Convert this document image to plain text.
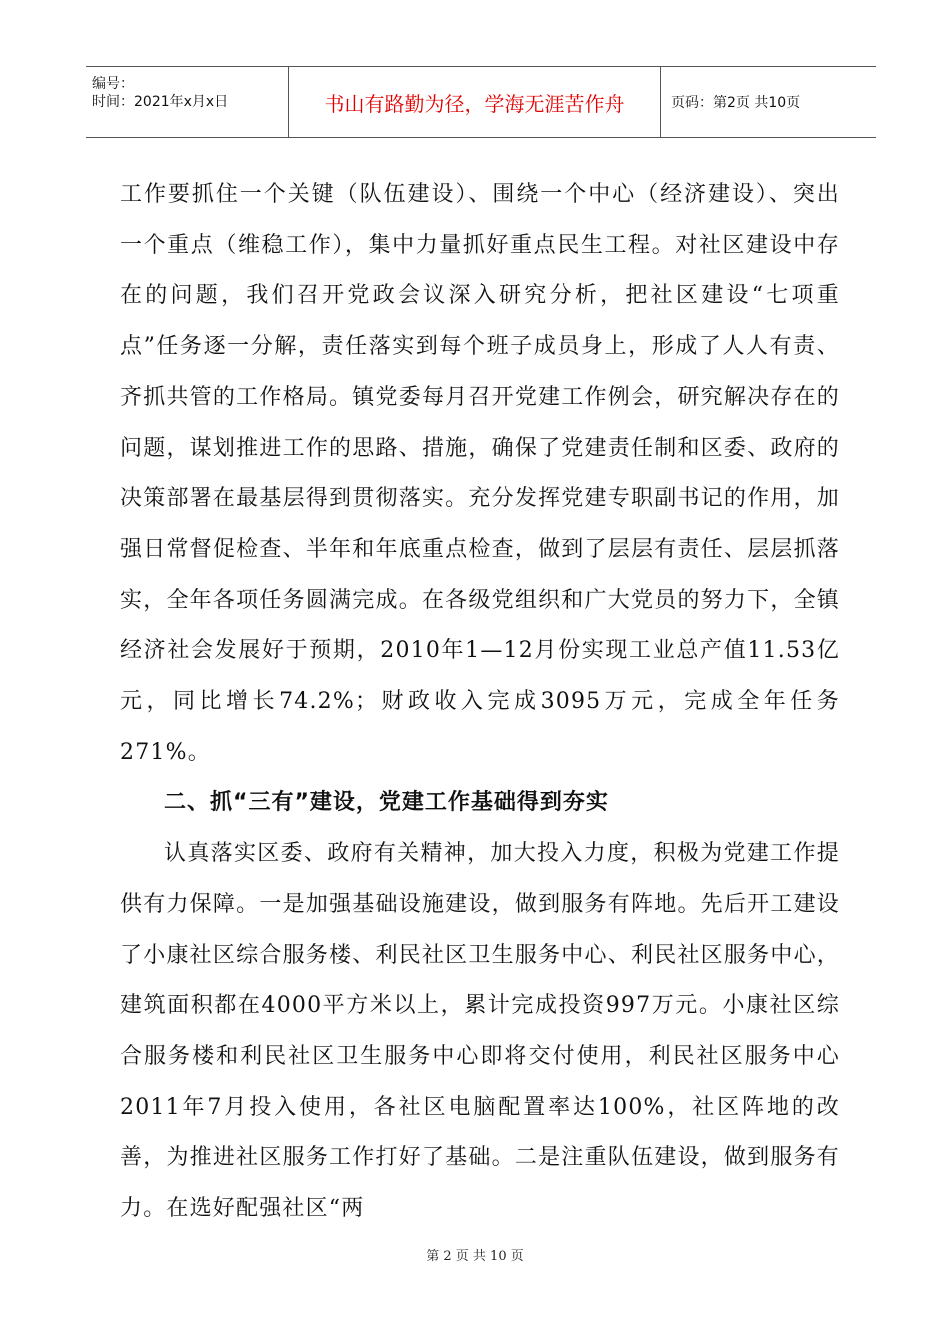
编号：
时间：2021年x月x日	书山有路勤为径，学海无涯苦作舟	页码：第2页 共10页

工作要抓住一个关键（队伍建设）、围绕一个中心（经济建设）、突出一个重点（维稳工作），集中力量抓好重点民生工程。对社区建设中存在的问题，我们召开党政会议深入研究分析，把社区建设“七项重点”任务逐一分解，责任落实到每个班子成员身上，形成了人人有责、齐抓共管的工作格局。镇党委每月召开党建工作例会，研究解决存在的问题，谋划推进工作的思路、措施，确保了党建责任制和区委、政府的决策部署在最基层得到贯彻落实。充分发挥党建专职副书记的作用，加强日常督促检查、半年和年底重点检查，做到了层层有责任、层层抓落实，全年各项任务圆满完成。在各级党组织和广大党员的努力下，全镇经济社会发展好于预期，2010年1—12月份实现工业总产值11.53亿元，同比增长74.2%；财政收入完成3095万元，完成全年任务271%。

二、抓“三有”建设，党建工作基础得到夯实

认真落实区委、政府有关精神，加大投入力度，积极为党建工作提供有力保障。一是加强基础设施建设，做到服务有阵地。先后开工建设了小康社区综合服务楼、利民社区卫生服务中心、利民社区服务中心，建筑面积都在4000平方米以上，累计完成投资997万元。小康社区综合服务楼和利民社区卫生服务中心即将交付使用，利民社区服务中心2011年7月投入使用，各社区电脑配置率达100%，社区阵地的改善，为推进社区服务工作打好了基础。二是注重队伍建设，做到服务有力。在选好配强社区“两

第 2 页 共 10 页
